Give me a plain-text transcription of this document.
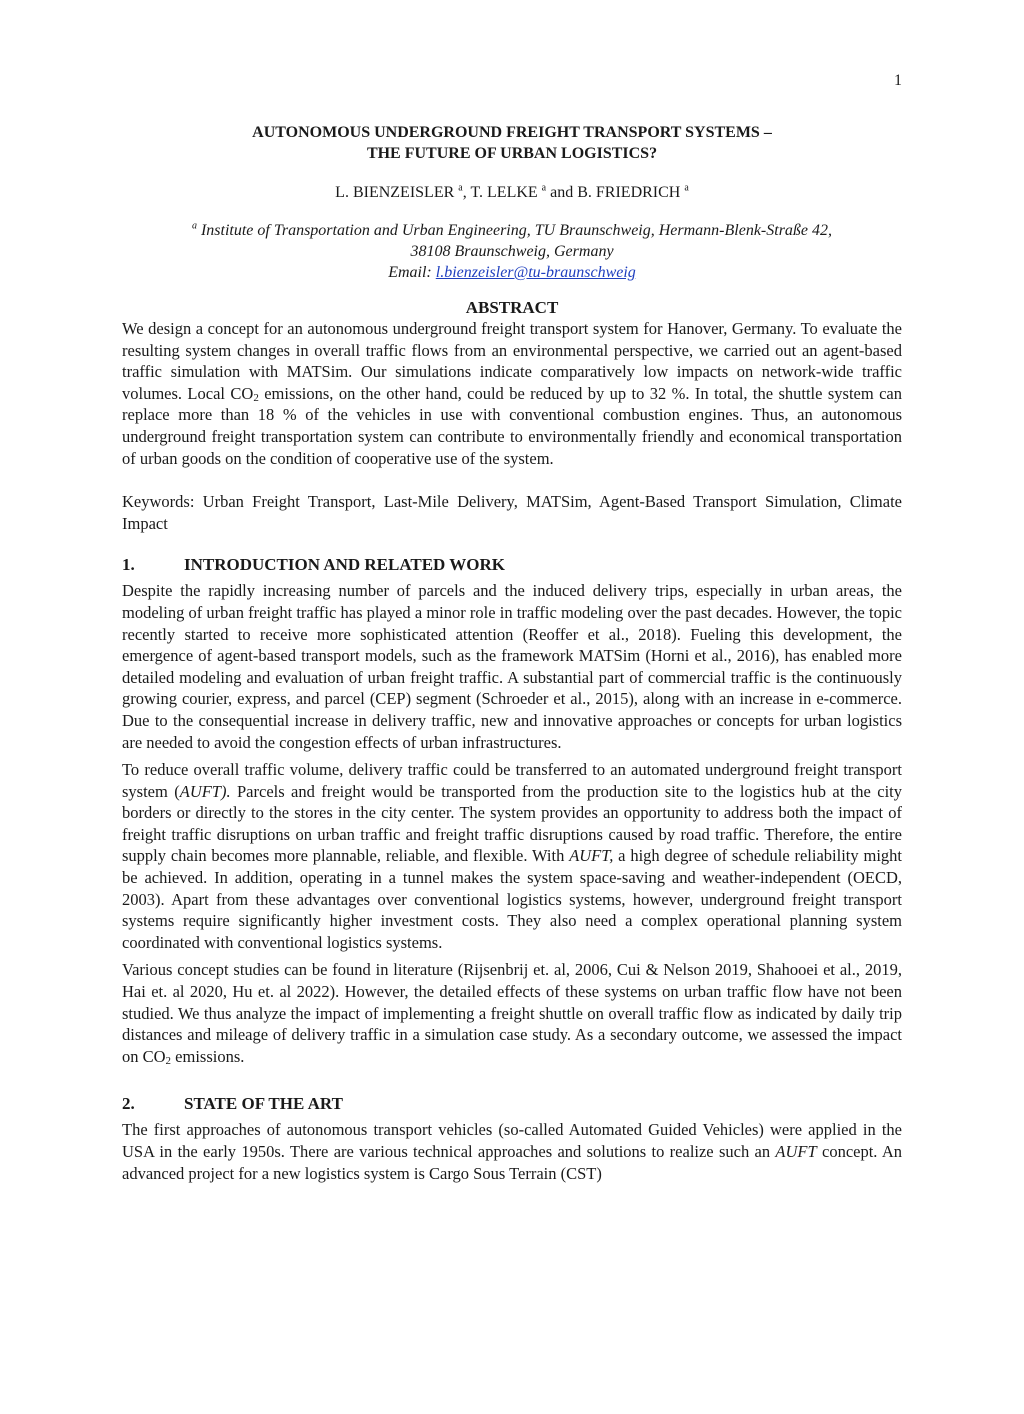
1
AUTONOMOUS UNDERGROUND FREIGHT TRANSPORT SYSTEMS –
THE FUTURE OF URBAN LOGISTICS?
L. BIENZEISLER $^a$, T. LELKE $^a$ and B. FRIEDRICH $^a$
$^a$ Institute of Transportation and Urban Engineering, TU Braunschweig, Hermann-Blenk-Straße 42,
38108 Braunschweig, Germany
Email: l.bienzeisler@tu-braunschweig
ABSTRACT

We design a concept for an autonomous underground freight transport system for Hanover, Germany. To evaluate the resulting system changes in overall traffic flows from an environmental perspective, we carried out an agent-based traffic simulation with MATSim. Our simulations indicate comparatively low impacts on network-wide traffic volumes. Local $CO_2$ emissions, on the other hand, could be reduced by up to 32 %. In total, the shuttle system can replace more than 18 % of the vehicles in use with conventional combustion engines. Thus, an autonomous underground freight transportation system can contribute to environmentally friendly and economical transportation of urban goods on the condition of cooperative use of the system.

Keywords: Urban Freight Transport, Last-Mile Delivery, MATSim, Agent-Based Transport Simulation, Climate Impact

1.	INTRODUCTION AND RELATED WORK

Despite the rapidly increasing number of parcels and the induced delivery trips, especially in urban areas, the modeling of urban freight traffic has played a minor role in traffic modeling over the past decades. However, the topic recently started to receive more sophisticated attention (Reoffer et al., 2018). Fueling this development, the emergence of agent-based transport models, such as the framework MATSim (Horni et al., 2016), has enabled more detailed modeling and evaluation of urban freight traffic. A substantial part of commercial traffic is the continuously growing courier, express, and parcel (CEP) segment (Schroeder et al., 2015), along with an increase in e-commerce. Due to the consequential increase in delivery traffic, new and innovative approaches or concepts for urban logistics are needed to avoid the congestion effects of urban infrastructures.

To reduce overall traffic volume, delivery traffic could be transferred to an automated underground freight transport system (AUFT). Parcels and freight would be transported from the production site to the logistics hub at the city borders or directly to the stores in the city center. The system provides an opportunity to address both the impact of freight traffic disruptions on urban traffic and freight traffic disruptions caused by road traffic. Therefore, the entire supply chain becomes more plannable, reliable, and flexible. With AUFT, a high degree of schedule reliability might be achieved. In addition, operating in a tunnel makes the system space-saving and weather-independent (OECD, 2003). Apart from these advantages over conventional logistics systems, however, underground freight transport systems require significantly higher investment costs. They also need a complex operational planning system coordinated with conventional logistics systems.

Various concept studies can be found in literature (Rijsenbrij et. al, 2006, Cui & Nelson 2019, Shahooei et al., 2019, Hai et. al 2020, Hu et. al 2022). However, the detailed effects of these systems on urban traffic flow have not been studied. We thus analyze the impact of implementing a freight shuttle on overall traffic flow as indicated by daily trip distances and mileage of delivery traffic in a simulation case study. As a secondary outcome, we assessed the impact on $CO_2$ emissions.

2.	STATE OF THE ART

The first approaches of autonomous transport vehicles (so-called Automated Guided Vehicles) were applied in the USA in the early 1950s. There are various technical approaches and solutions to realize such an AUFT concept. An advanced project for a new logistics system is Cargo Sous Terrain (CST)
